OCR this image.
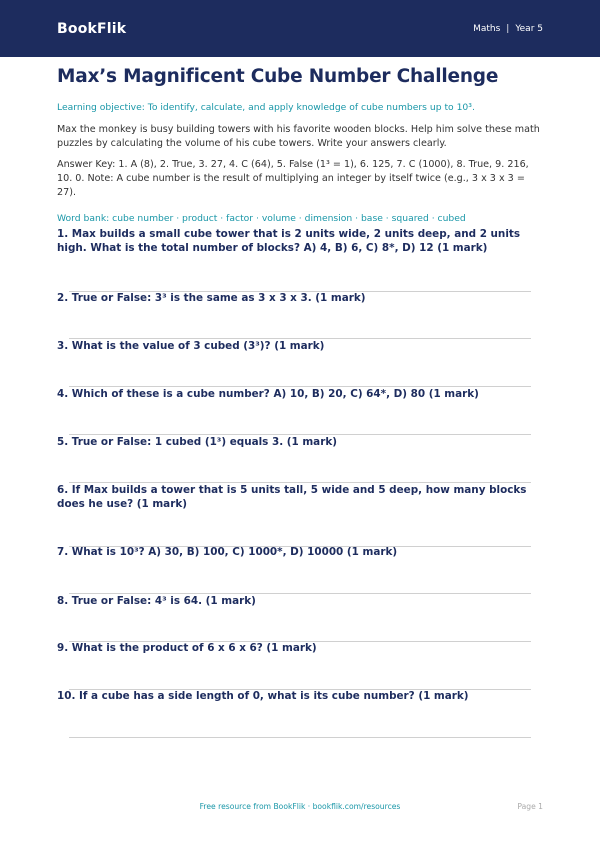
BookFlik	Maths | Year 5
Max’s Magnificent Cube Number Challenge
Learning objective: To identify, calculate, and apply knowledge of cube numbers up to 10³.
Max the monkey is busy building towers with his favorite wooden blocks. Help him solve these math puzzles by calculating the volume of his cube towers. Write your answers clearly.
Answer Key: 1. A (8), 2. True, 3. 27, 4. C (64), 5. False (1³ = 1), 6. 125, 7. C (1000), 8. True, 9. 216, 10. 0. Note: A cube number is the result of multiplying an integer by itself twice (e.g., 3 x 3 x 3 = 27).
Word bank: cube number · product · factor · volume · dimension · base · squared · cubed
1. Max builds a small cube tower that is 2 units wide, 2 units deep, and 2 units high. What is the total number of blocks? A) 4, B) 6, C) 8*, D) 12 (1 mark)
2. True or False: 3³ is the same as 3 x 3 x 3. (1 mark)
3. What is the value of 3 cubed (3³)? (1 mark)
4. Which of these is a cube number? A) 10, B) 20, C) 64*, D) 80 (1 mark)
5. True or False: 1 cubed (1³) equals 3. (1 mark)
6. If Max builds a tower that is 5 units tall, 5 wide and 5 deep, how many blocks does he use? (1 mark)
7. What is 10³? A) 30, B) 100, C) 1000*, D) 10000 (1 mark)
8. True or False: 4³ is 64. (1 mark)
9. What is the product of 6 x 6 x 6? (1 mark)
10. If a cube has a side length of 0, what is its cube number? (1 mark)
Free resource from BookFlik · bookflik.com/resources	Page 1
